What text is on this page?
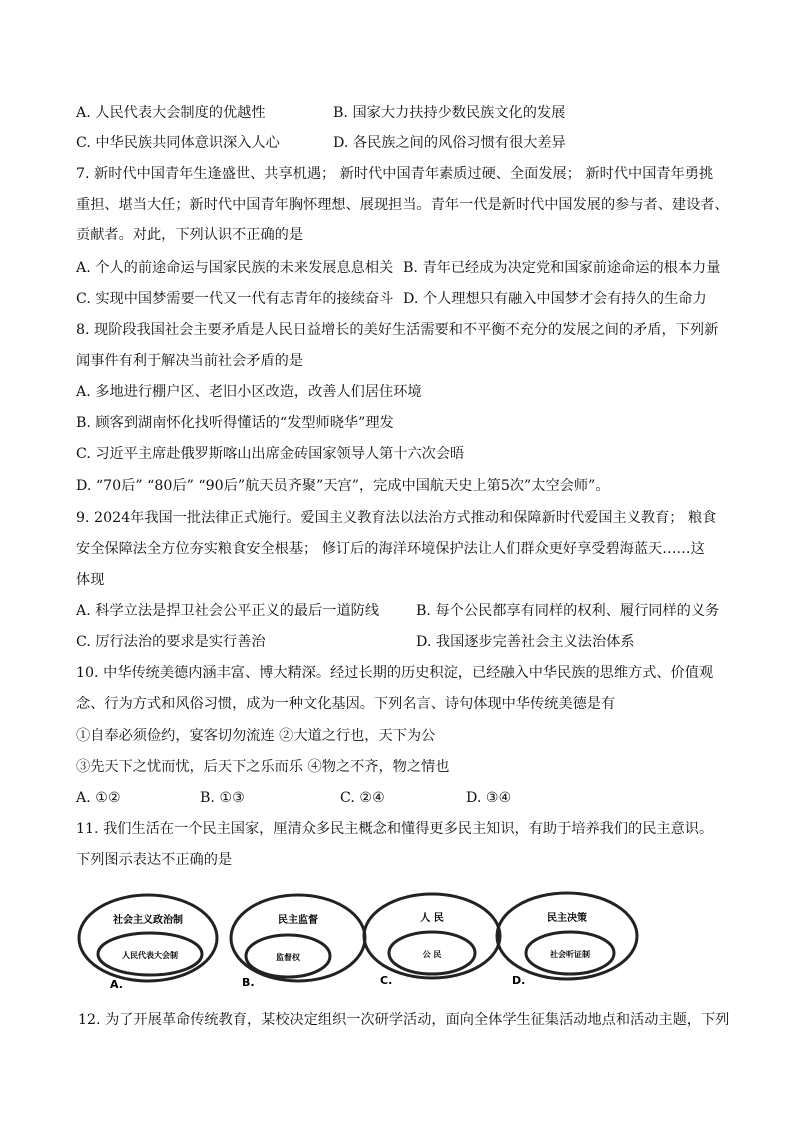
A. 人民代表大会制度的优越性	B. 国家大力扶持少数民族文化的发展
C. 中华民族共同体意识深入人心	D. 各民族之间的风俗习惯有很大差异
7. 新时代中国青年生逢盛世、共享机遇； 新时代中国青年素质过硬、全面发展； 新时代中国青年勇挑
重担、堪当大任；新时代中国青年胸怀理想、展现担当。青年一代是新时代中国发展的参与者、建设者、
贡献者。对此，下列认识不正确的是
A. 个人的前途命运与国家民族的未来发展息息相关 B. 青年已经成为决定党和国家前途命运的根本力量
C. 实现中国梦需要一代又一代有志青年的接续奋斗 D. 个人理想只有融入中国梦才会有持久的生命力
8. 现阶段我国社会主要矛盾是人民日益增长的美好生活需要和不平衡不充分的发展之间的矛盾，下列新
闻事件有利于解决当前社会矛盾的是
A. 多地进行棚户区、老旧小区改造，改善人们居住环境
B. 顾客到湖南怀化找听得懂话的“发型师晓华”理发
C. 习近平主席赴俄罗斯喀山出席金砖国家领导人第十六次会晤
D. “70后” “80后” “90后”航天员齐聚”天宫”，完成中国航天史上第5次”太空会师”。
9. 2024年我国一批法律正式施行。爱国主义教育法以法治方式推动和保障新时代爱国主义教育； 粮食
安全保障法全方位夯实粮食安全根基； 修订后的海洋环境保护法让人们群众更好享受碧海蓝天……这
体现
A. 科学立法是捍卫社会公平正义的最后一道防线	B. 每个公民都享有同样的权利、履行同样的义务
C. 厉行法治的要求是实行善治	D. 我国逐步完善社会主义法治体系
10. 中华传统美德内涵丰富、博大精深。经过长期的历史积淀，已经融入中华民族的思维方式、价值观
念、行为方式和风俗习惯，成为一种文化基因。下列名言、诗句体现中华传统美德是有
①自奉必须俭约，宴客切勿流连 ②大道之行也，天下为公
③先天下之忧而忧，后天下之乐而乐 ④物之不齐，物之情也
A. ①②	B. ①③	C. ②④	D. ③④
11. 我们生活在一个民主国家，厘清众多民主概念和懂得更多民主知识，有助于培养我们的民主意识。
下列图示表达不正确的是
社会主义政治制
人民代表大会制
A.
民主监督
监督权
B.
人 民
公 民
C.
民主决策
社会听证制
D.
12. 为了开展革命传统教育，某校决定组织一次研学活动，面向全体学生征集活动地点和活动主题，下列
